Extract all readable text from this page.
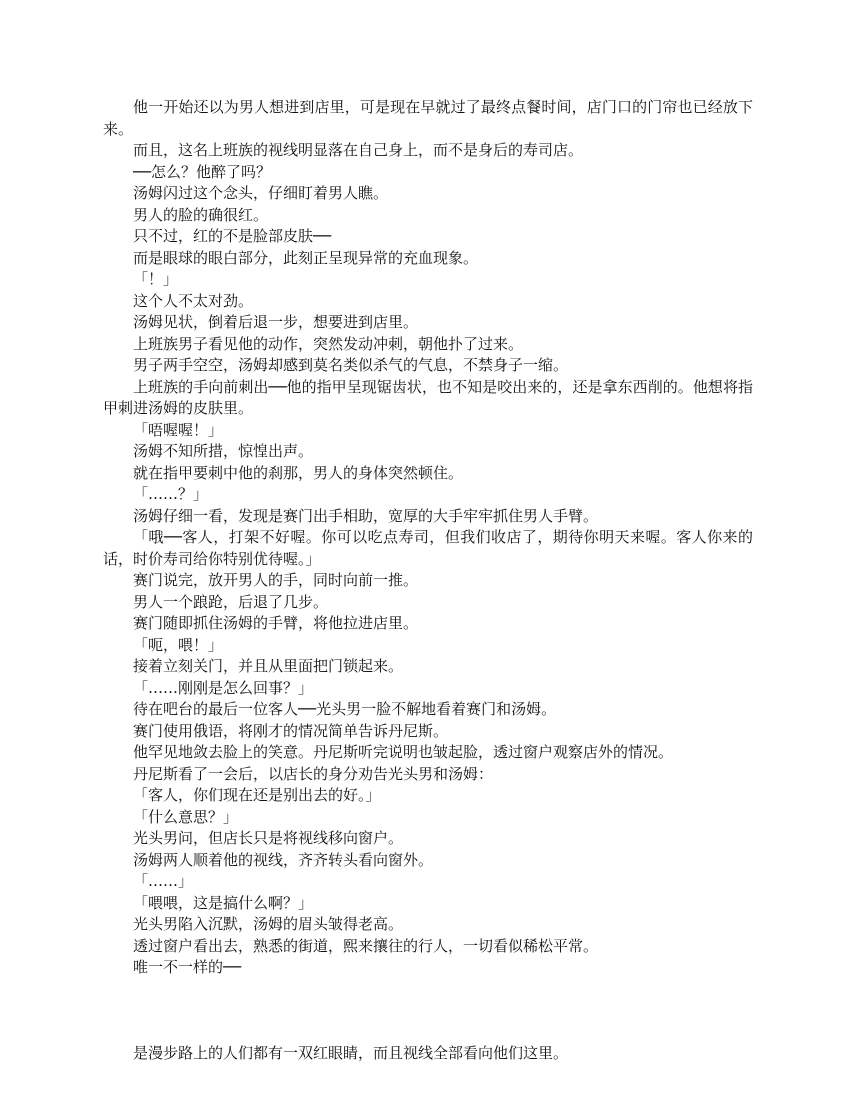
他一开始还以为男人想进到店里，可是现在早就过了最终点餐时间，店门口的门帘也已经放下来。

而且，这名上班族的视线明显落在自己身上，而不是身后的寿司店。

──怎么？他醉了吗？

汤姆闪过这个念头，仔细盯着男人瞧。

男人的脸的确很红。

只不过，红的不是脸部皮肤──

而是眼球的眼白部分，此刻正呈现异常的充血现象。

「！」

这个人不太对劲。

汤姆见状，倒着后退一步，想要进到店里。

上班族男子看见他的动作，突然发动冲刺，朝他扑了过来。

男子两手空空，汤姆却感到莫名类似杀气的气息，不禁身子一缩。

上班族的手向前刺出──他的指甲呈现锯齿状，也不知是咬出来的，还是拿东西削的。他想将指甲刺进汤姆的皮肤里。

「唔喔喔！」

汤姆不知所措，惊惶出声。

就在指甲要刺中他的刹那，男人的身体突然顿住。

「……？」

汤姆仔细一看，发现是赛门出手相助，宽厚的大手牢牢抓住男人手臂。

「哦──客人，打架不好喔。你可以吃点寿司，但我们收店了，期待你明天来喔。客人你来的话，时价寿司给你特别优待喔。」

赛门说完，放开男人的手，同时向前一推。

男人一个踉跄，后退了几步。

赛门随即抓住汤姆的手臂，将他拉进店里。

「呃，喂！」

接着立刻关门，并且从里面把门锁起来。

「……刚刚是怎么回事？」

待在吧台的最后一位客人──光头男一脸不解地看着赛门和汤姆。

赛门使用俄语，将刚才的情况简单告诉丹尼斯。

他罕见地敛去脸上的笑意。丹尼斯听完说明也皱起脸，透过窗户观察店外的情况。

丹尼斯看了一会后，以店长的身分劝告光头男和汤姆：

「客人，你们现在还是别出去的好。」

「什么意思？」

光头男问，但店长只是将视线移向窗户。

汤姆两人顺着他的视线，齐齐转头看向窗外。

「……」

「喂喂，这是搞什么啊？」

光头男陷入沉默，汤姆的眉头皱得老高。

透过窗户看出去，熟悉的街道，熙来攘往的行人，一切看似稀松平常。

唯一不一样的──

是漫步路上的人们都有一双红眼睛，而且视线全部看向他们这里。
